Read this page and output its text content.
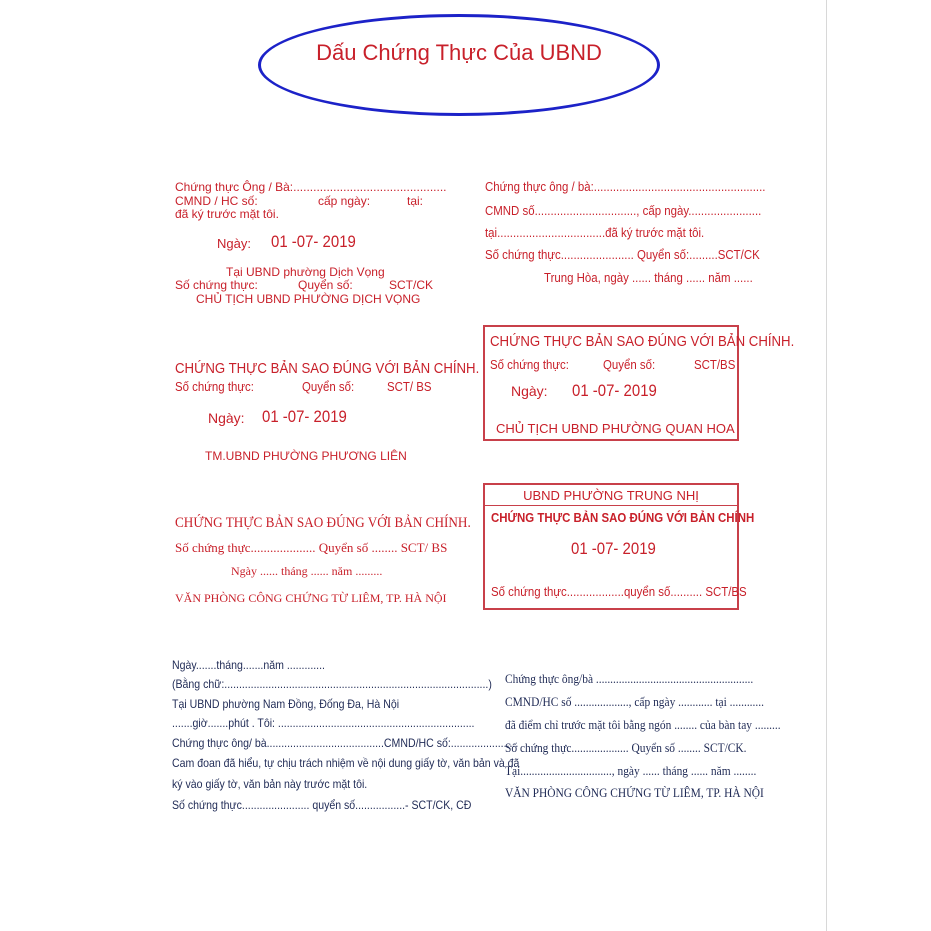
Dấu Chứng Thực Của UBND
Chứng thực Ông / Bà:..............................................
CMND / HC số:	cấp ngày:	tại:
đã ký trước mặt tôi.
Ngày: 01 -07- 2019
Tại UBND phường Dịch Vọng
Số chứng thực:	Quyển số:	SCT/CK
CHỦ TỊCH UBND PHƯỜNG DỊCH VỌNG
Chứng thực ông / bà:......................................................
CMND số................................, cấp ngày.......................
tại..................................đã ký trước mặt tôi.
Số chứng thực....................... Quyển số:.........SCT/CK
Trung Hòa, ngày ...... tháng ...... năm ......
CHỨNG THỰC BẢN SAO ĐÚNG VỚI BẢN CHÍNH.
Số chứng thực:	Quyển số:	SCT/ BS
Ngày: 01 -07- 2019
TM.UBND PHƯỜNG PHƯƠNG LIÊN
CHỨNG THỰC BẢN SAO ĐÚNG VỚI BẢN CHÍNH.
Số chứng thực:	Quyển số:	SCT/BS
Ngày: 01 -07- 2019
CHỦ TỊCH UBND PHƯỜNG QUAN HOA
CHỨNG THỰC BẢN SAO ĐÚNG VỚI BẢN CHÍNH.
Số chứng thực.................... Quyển số ........ SCT/ BS
Ngày ...... tháng ...... năm .........
VĂN PHÒNG CÔNG CHỨNG TỪ LIÊM, TP. HÀ NỘI
UBND PHƯỜNG TRUNG NHỊ
CHỨNG THỰC BẢN SAO ĐÚNG VỚI BẢN CHÍNH
01 -07- 2019
Số chứng thực..................quyển số.......... SCT/BS
Ngày.......tháng.......năm .............
(Bằng chữ:..........................................................................................)
Tại UBND phường Nam Đồng, Đống Đa, Hà Nội
.......giờ.......phút . Tôi: ...................................................................
Chứng thực ông/ bà........................................CMND/HC số:.......................
Cam đoan đã hiểu, tự chịu trách nhiệm về nội dung giấy tờ, văn bản và đã
ký vào giấy tờ, văn bản này trước mặt tôi.
Số chứng thực....................... quyển số.................- SCT/CK, CĐ
Chứng thực ông/bà .......................................................
CMND/HC số ..................., cấp ngày ............ tại ............
đã điểm chỉ trước mặt tôi bằng ngón ........ của bàn tay .........
Số chứng thực.................... Quyển số ........ SCT/CK.
Tại................................, ngày ...... tháng ...... năm ........
VĂN PHÒNG CÔNG CHỨNG TỪ LIÊM, TP. HÀ NỘI
